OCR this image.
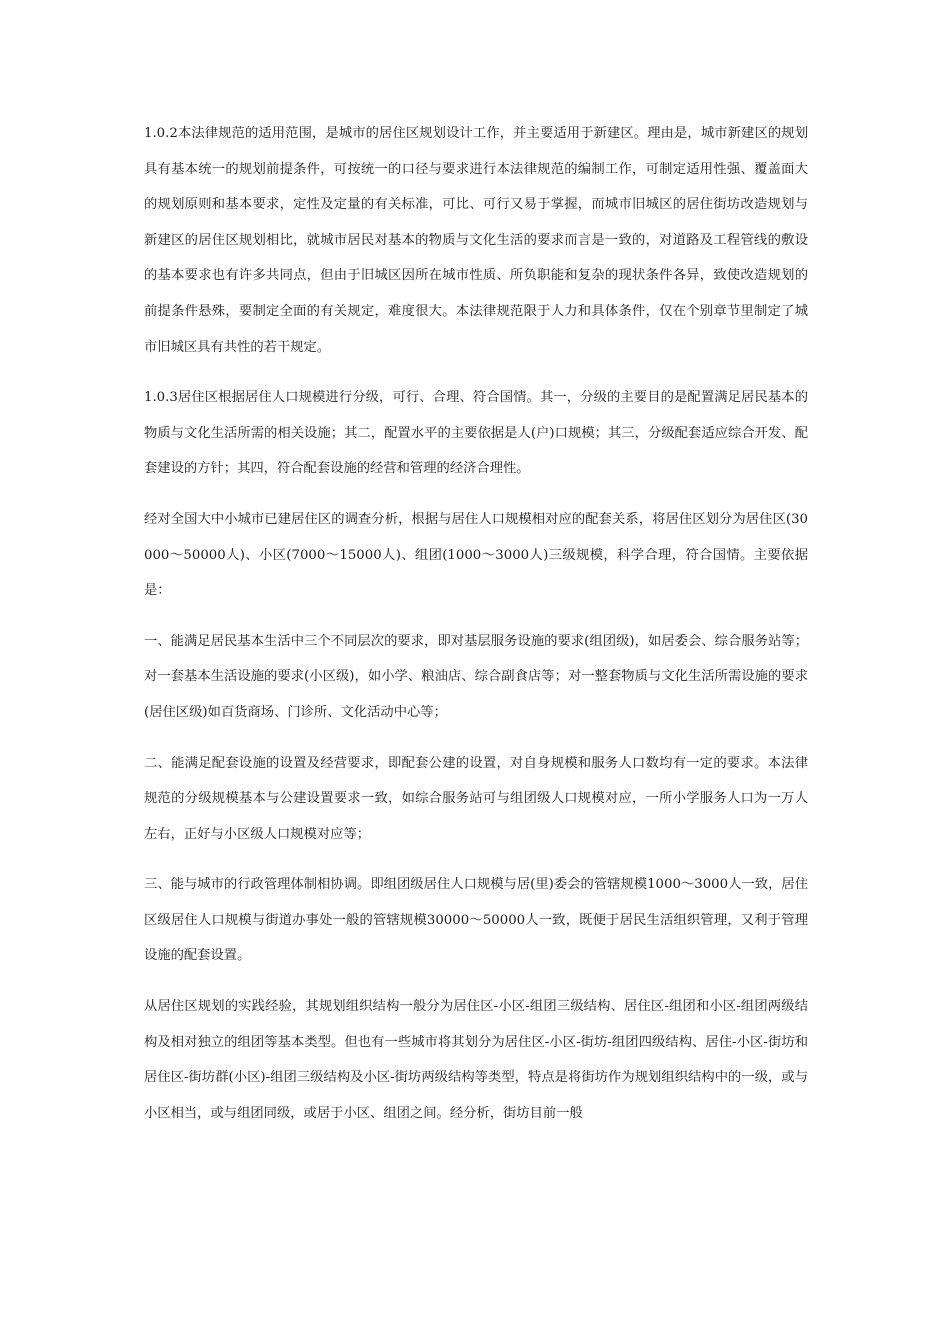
1.0.2本法律规范的适用范围，是城市的居住区规划设计工作，并主要适用于新建区。理由是，城市新建区的规划具有基本统一的规划前提条件，可按统一的口径与要求进行本法律规范的编制工作，可制定适用性强、覆盖面大的规划原则和基本要求，定性及定量的有关标准，可比、可行又易于掌握，而城市旧城区的居住街坊改造规划与新建区的居住区规划相比，就城市居民对基本的物质与文化生活的要求而言是一致的，对道路及工程管线的敷设的基本要求也有许多共同点，但由于旧城区因所在城市性质、所负职能和复杂的现状条件各异，致使改造规划的前提条件悬殊，要制定全面的有关规定，难度很大。本法律规范限于人力和具体条件，仅在个别章节里制定了城市旧城区具有共性的若干规定。

1.0.3居住区根据居住人口规模进行分级，可行、合理、符合国情。其一，分级的主要目的是配置满足居民基本的物质与文化生活所需的相关设施；其二，配置水平的主要依据是人(户)口规模；其三，分级配套适应综合开发、配套建设的方针；其四，符合配套设施的经营和管理的经济合理性。

经对全国大中小城市已建居住区的调查分析，根据与居住人口规模相对应的配套关系，将居住区划分为居住区(30000～50000人)、小区(7000～15000人)、组团(1000～3000人)三级规模，科学合理，符合国情。主要依据是：

一、能满足居民基本生活中三个不同层次的要求，即对基层服务设施的要求(组团级)，如居委会、综合服务站等；对一套基本生活设施的要求(小区级)，如小学、粮油店、综合副食店等；对一整套物质与文化生活所需设施的要求(居住区级)如百货商场、门诊所、文化活动中心等；

二、能满足配套设施的设置及经营要求，即配套公建的设置，对自身规模和服务人口数均有一定的要求。本法律规范的分级规模基本与公建设置要求一致，如综合服务站可与组团级人口规模对应，一所小学服务人口为一万人左右，正好与小区级人口规模对应等；

三、能与城市的行政管理体制相协调。即组团级居住人口规模与居(里)委会的管辖规模1000～3000人一致，居住区级居住人口规模与街道办事处一般的管辖规模30000～50000人一致，既便于居民生活组织管理，又利于管理设施的配套设置。

从居住区规划的实践经验，其规划组织结构一般分为居住区-小区-组团三级结构、居住区-组团和小区-组团两级结构及相对独立的组团等基本类型。但也有一些城市将其划分为居住区-小区-街坊-组团四级结构、居住-小区-街坊和居住区-街坊群(小区)-组团三级结构及小区-街坊两级结构等类型，特点是将街坊作为规划组织结构中的一级，或与小区相当，或与组团同级，或居于小区、组团之间。经分析，街坊目前一般
